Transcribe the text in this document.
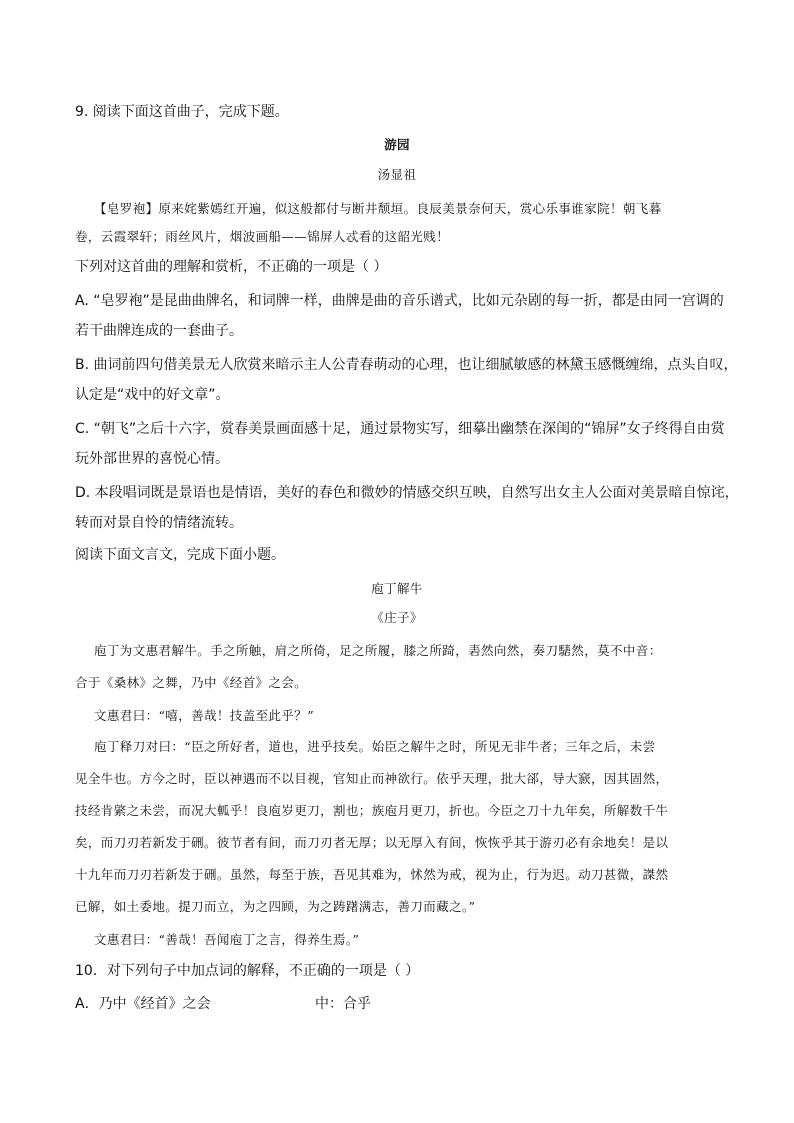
9. 阅读下面这首曲子，完成下题。
游园
汤显祖
【皂罗袍】原来姹紫嫣红开遍，似这般都付与断井颓垣。良辰美景奈何天，赏心乐事谁家院！朝飞暮
卷，云霞翠轩；雨丝风片，烟波画船——锦屏人忒看的这韶光贱！
下列对这首曲的理解和赏析，不正确的一项是（ ）
A. “皂罗袍”是昆曲曲牌名，和词牌一样，曲牌是曲的音乐谱式，比如元杂剧的每一折，都是由同一宫调的
若干曲牌连成的一套曲子。
B. 曲词前四句借美景无人欣赏来暗示主人公青春萌动的心理，也让细腻敏感的林黛玉感慨缠绵，点头自叹，
认定是“戏中的好文章”。
C. “朝飞”之后十六字，赏春美景画面感十足，通过景物实写，细摹出幽禁在深闺的“锦屏”女子终得自由赏
玩外部世界的喜悦心情。
D. 本段唱词既是景语也是情语，美好的春色和微妙的情感交织互映，自然写出女主人公面对美景暗自惊诧，
转而对景自怜的情绪流转。
阅读下面文言文，完成下面小题。
庖丁解牛
《庄子》
庖丁为文惠君解牛。手之所触，肩之所倚，足之所履，膝之所踦，砉然向然，奏刀騞然，莫不中音：
合于《桑林》之舞，乃中《经首》之会。
文惠君曰：“嘻，善哉！技盖至此乎？”
庖丁释刀对曰：“臣之所好者，道也，进乎技矣。始臣之解牛之时，所见无非牛者；三年之后，未尝
见全牛也。方今之时，臣以神遇而不以目视，官知止而神欲行。依乎天理，批大郤，导大窾，因其固然，
技经肯綮之未尝，而况大軱乎！良庖岁更刀，割也；族庖月更刀，折也。今臣之刀十九年矣，所解数千牛
矣，而刀刃若新发于硎。彼节者有间，而刀刃者无厚；以无厚入有间，恢恢乎其于游刃必有余地矣！是以
十九年而刀刃若新发于硎。虽然，每至于族，吾见其难为，怵然为戒，视为止，行为迟。动刀甚微，謋然
已解，如土委地。提刀而立，为之四顾，为之踌躇满志，善刀而藏之。”
文惠君曰：“善哉！吾闻庖丁之言，得养生焉。”
10．对下列句子中加点词的解释，不正确的一项是（ ）
A．乃中《经首》之会	中：合乎
